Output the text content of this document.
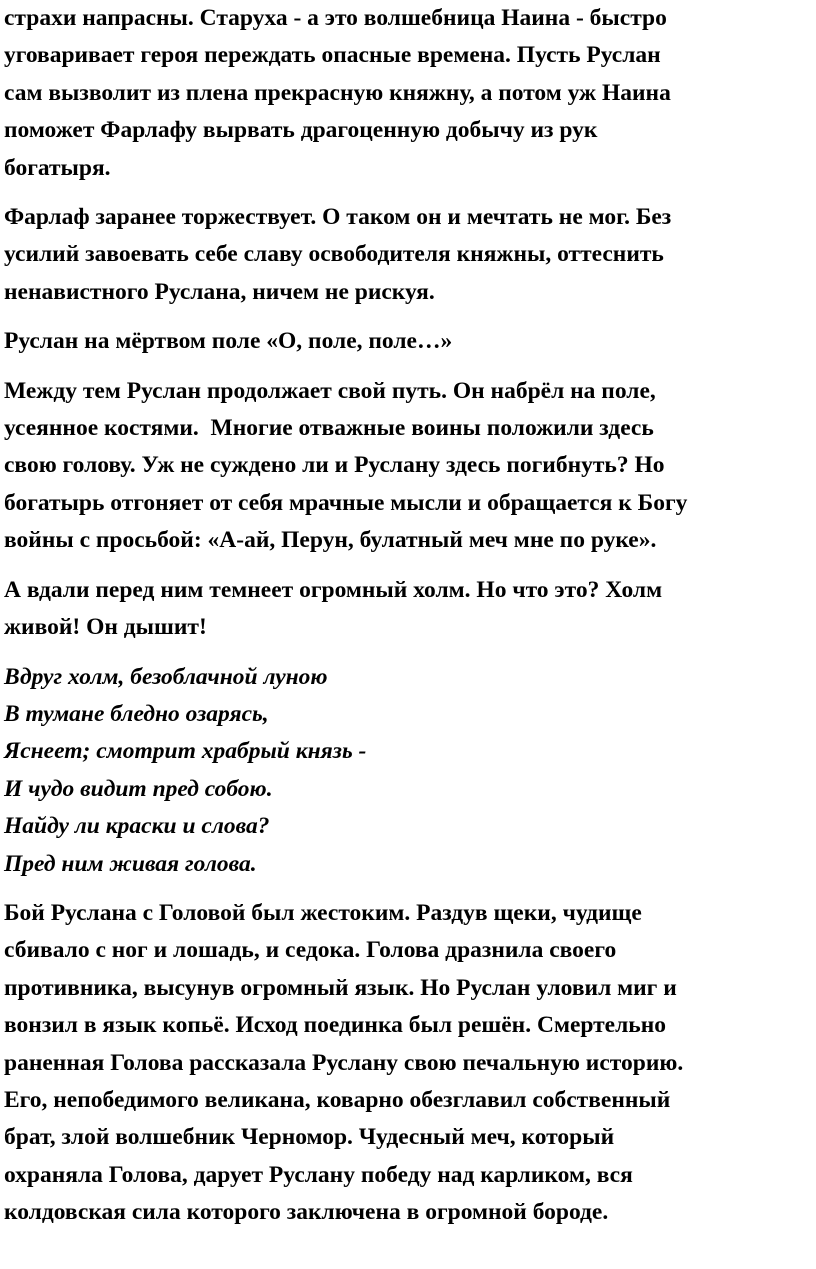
страхи напрасны. Старуха - а это волшебница Наина - быстро
уговаривает героя переждать опасные времена. Пусть Руслан
сам вызволит из плена прекрасную княжну, а потом уж Наина
поможет Фарлафу вырвать драгоценную добычу из рук
богатыря.
Фарлаф заранее торжествует. О таком он и мечтать не мог. Без
усилий завоевать себе славу освободителя княжны, оттеснить
ненавистного Руслана, ничем не рискуя.
Руслан на мёртвом поле «О, поле, поле…»
Между тем Руслан продолжает свой путь. Он набрёл на поле,
усеянное костями.  Многие отважные воины положили здесь
свою голову. Уж не суждено ли и Руслану здесь погибнуть? Но
богатырь отгоняет от себя мрачные мысли и обращается к Богу
войны с просьбой: «А-ай, Перун, булатный меч мне по руке».
А вдали перед ним темнеет огромный холм. Но что это? Холм
живой! Он дышит!
Вдруг холм, безоблачной луною
В тумане бледно озарясь,
Яснеет; смотрит храбрый князь -
И чудо видит пред собою.
Найду ли краски и слова?
Пред ним живая голова.
Бой Руслана с Головой был жестоким. Раздув щеки, чудище
сбивало с ног и лошадь, и седока. Голова дразнила своего
противника, высунув огромный язык. Но Руслан уловил миг и
вонзил в язык копьё. Исход поединка был решён. Смертельно
раненная Голова рассказала Руслану свою печальную историю.
Его, непобедимого великана, коварно обезглавил собственный
брат, злой волшебник Черномор. Чудесный меч, который
охраняла Голова, дарует Руслану победу над карликом, вся
колдовская сила которого заключена в огромной бороде.
